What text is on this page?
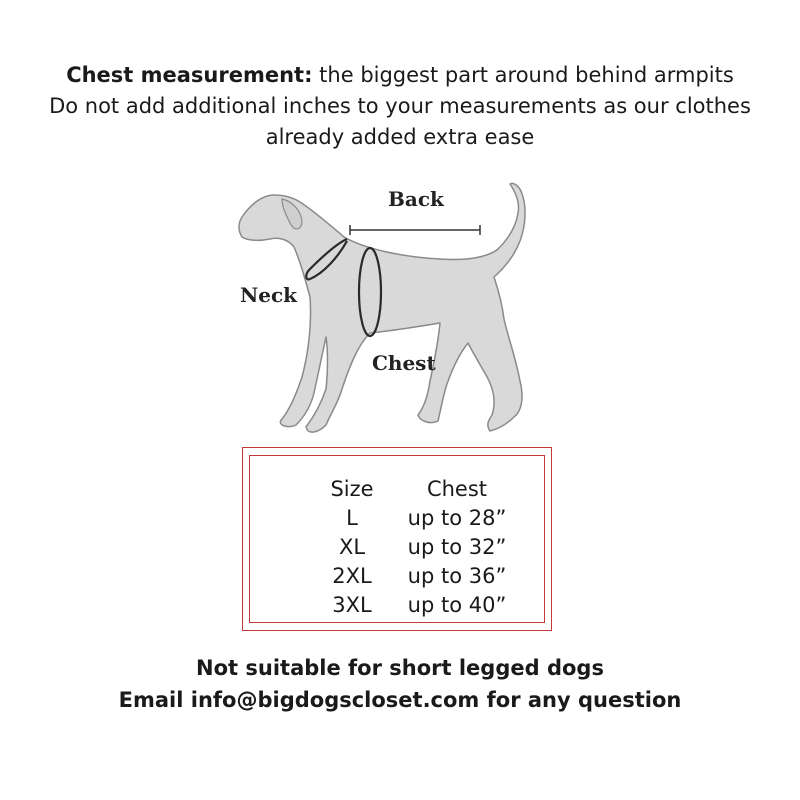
Chest measurement: the biggest part around behind armpits
Do not add additional inches to your measurements as our clothes
already added extra ease
Back
Neck
Chest
Size	Chest
L	up to 28”
XL	up to 32”
2XL	up to 36”
3XL	up to 40”
Not suitable for short legged dogs
Email info@bigdogscloset.com for any question
